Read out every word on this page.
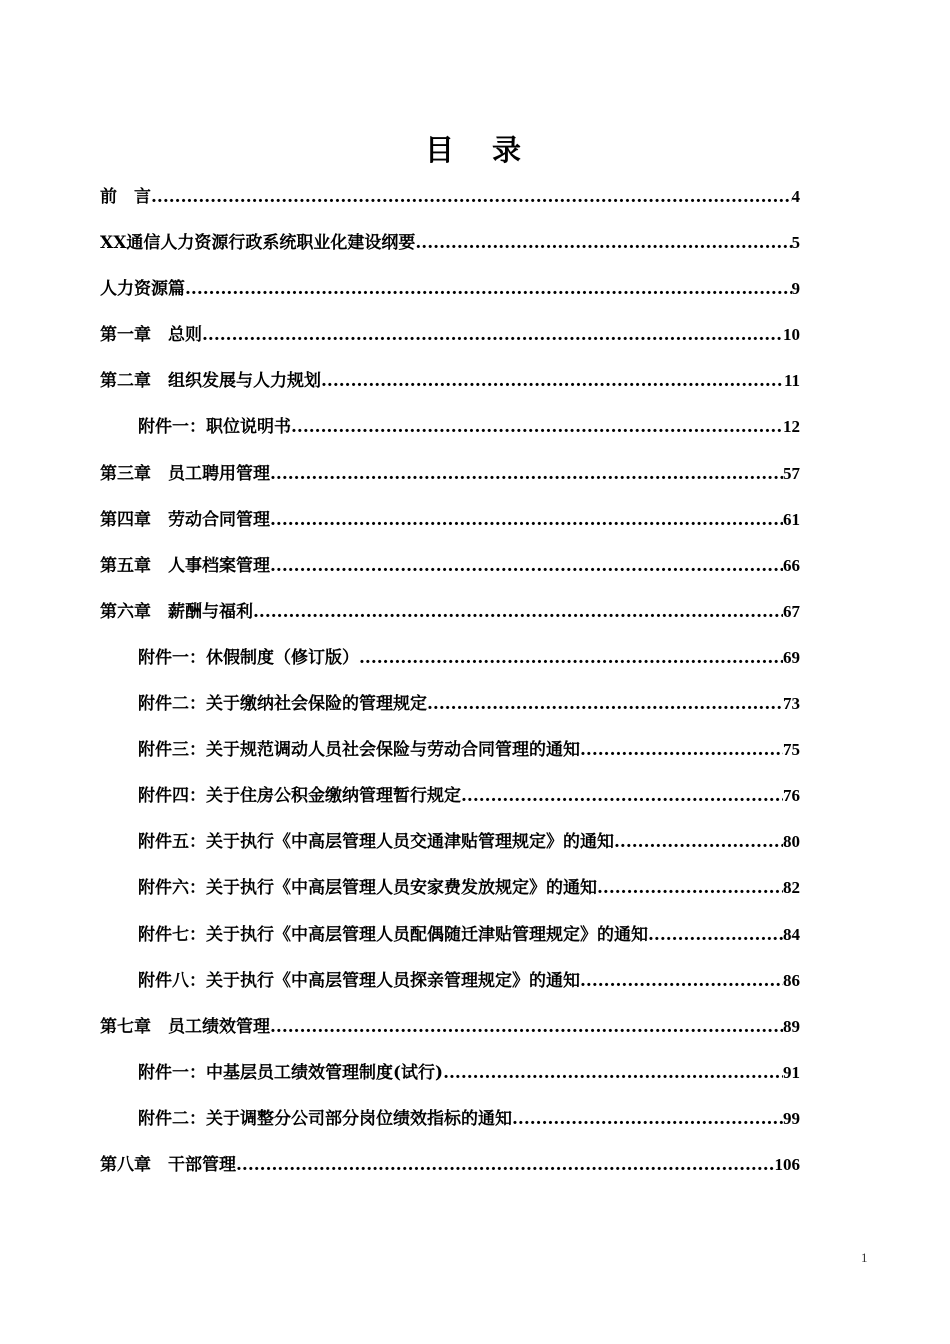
目 录
前　言 .....	4
XX通信人力资源行政系统职业化建设纲要 .....	5
人力资源篇 .....	9
第一章　总则 .....	10
第二章　组织发展与人力规划 .....	11
附件一：职位说明书 .....	12
第三章　员工聘用管理 .....	57
第四章　劳动合同管理 .....	61
第五章　人事档案管理 .....	66
第六章　薪酬与福利 .....	67
附件一：休假制度（修订版） .....	69
附件二：关于缴纳社会保险的管理规定 .....	73
附件三：关于规范调动人员社会保险与劳动合同管理的通知 .....	75
附件四：关于住房公积金缴纳管理暂行规定 .....	76
附件五：关于执行《中高层管理人员交通津贴管理规定》的通知 .....	80
附件六：关于执行《中高层管理人员安家费发放规定》的通知 .....	82
附件七：关于执行《中高层管理人员配偶随迁津贴管理规定》的通知 .....	84
附件八：关于执行《中高层管理人员探亲管理规定》的通知 .....	86
第七章　员工绩效管理 .....	89
附件一：中基层员工绩效管理制度(试行) .....	91
附件二：关于调整分公司部分岗位绩效指标的通知 .....	99
第八章　干部管理 .....	106
1
